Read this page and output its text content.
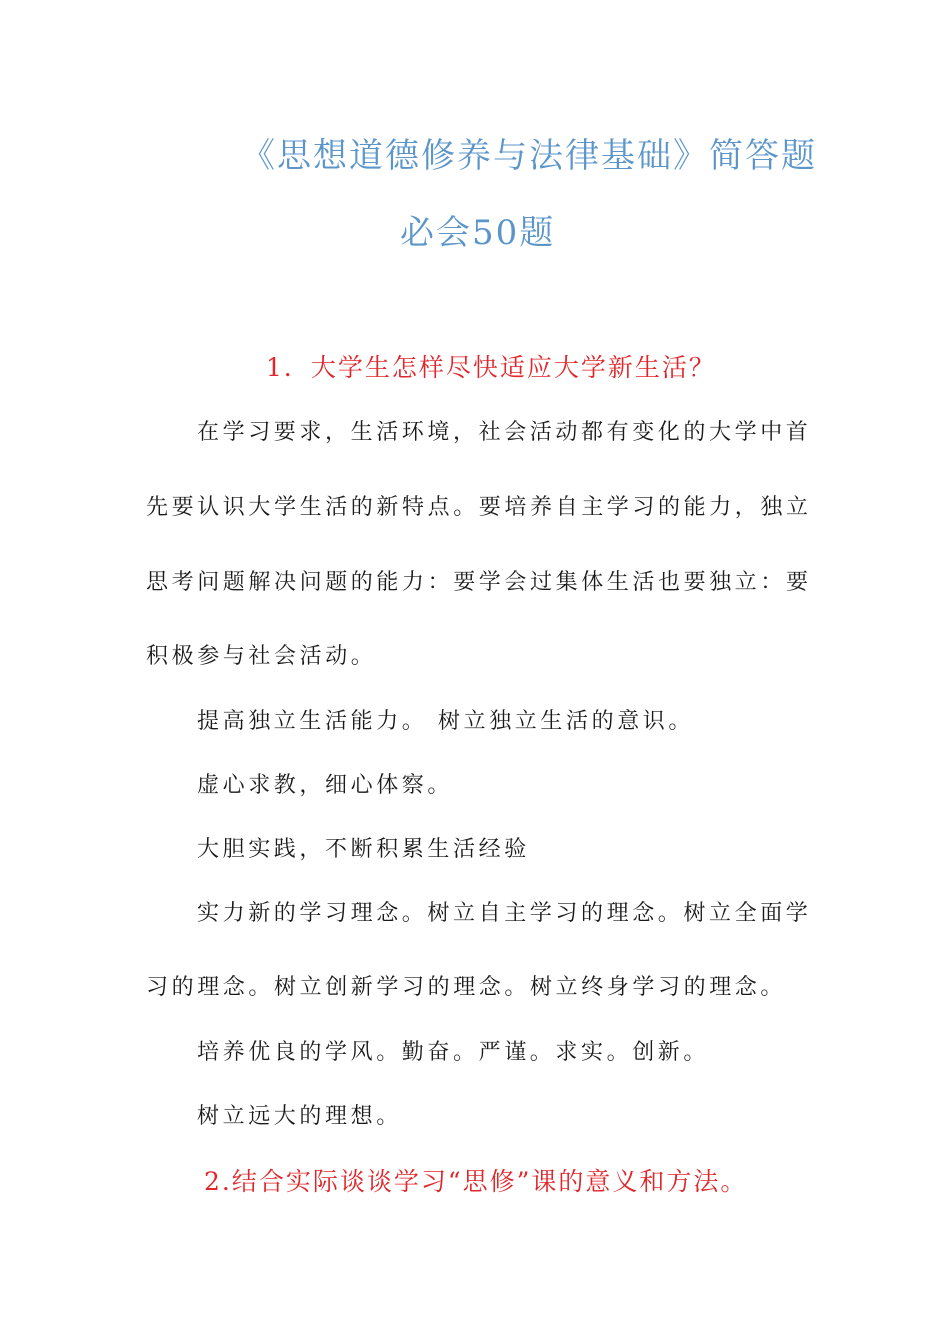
《思想道德修养与法律基础》简答题
必会50题
1．大学生怎样尽快适应大学新生活？

在学习要求，生活环境，社会活动都有变化的大学中首

先要认识大学生活的新特点。要培养自主学习的能力，独立

思考问题解决问题的能力：要学会过集体生活也要独立：要

积极参与社会活动。

提高独立生活能力。 树立独立生活的意识。

虚心求教，细心体察。

大胆实践，不断积累生活经验

实力新的学习理念。树立自主学习的理念。树立全面学

习的理念。树立创新学习的理念。树立终身学习的理念。

培养优良的学风。勤奋。严谨。求实。创新。

树立远大的理想。

2.结合实际谈谈学习“思修”课的意义和方法。
